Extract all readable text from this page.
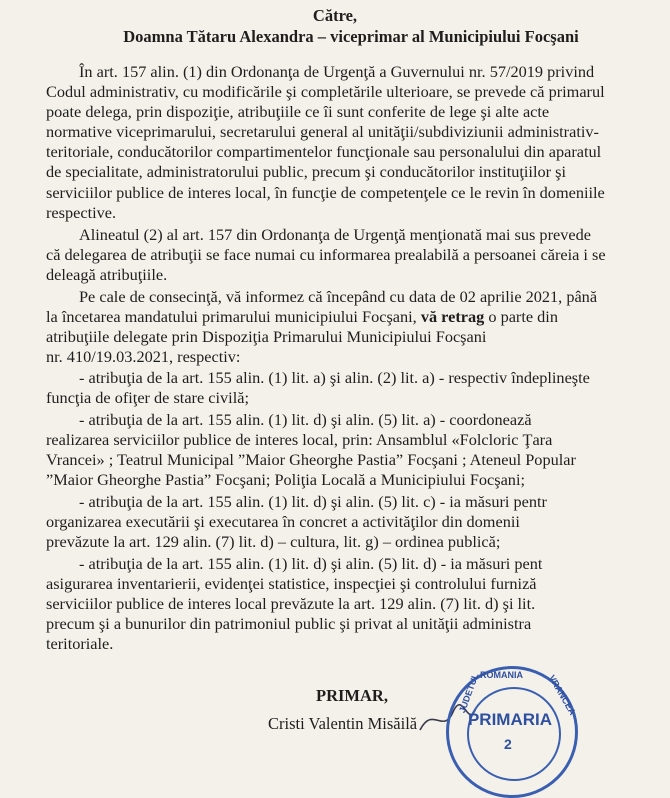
Către,
Doamna Tătaru Alexandra – viceprimar al Municipiului Focşani
În art. 157 alin. (1) din Ordonanţa de Urgenţă a Guvernului nr. 57/2019 privind
Codul administrativ, cu modificările şi completările ulterioare, se prevede că primarul
poate delega, prin dispoziţie, atribuţiile ce îi sunt conferite de lege şi alte acte
normative viceprimarului, secretarului general al unităţii/subdiviziunii administrativ-
teritoriale, conducătorilor compartimentelor funcţionale sau personalului din aparatul
de specialitate, administratorului public, precum şi conducătorilor instituţiilor şi
serviciilor publice de interes local, în funcţie de competenţele ce le revin în domeniile
respective.
Alineatul (2) al art. 157 din Ordonanţa de Urgenţă menţionată mai sus prevede
că delegarea de atribuţii se face numai cu informarea prealabilă a persoanei căreia i se
deleagă atribuţiile.
Pe cale de consecinţă, vă informez că începând cu data de 02 aprilie 2021, până
la încetarea mandatului primarului municipiului Focşani, vă retrag o parte din
atribuţiile delegate prin Dispoziţia Primarului Municipiului Focşani
nr. 410/19.03.2021, respectiv:
- atribuţia de la art. 155 alin. (1) lit. a) şi alin. (2) lit. a) - respectiv îndeplineşte
funcţia de ofiţer de stare civilă;
- atribuţia de la art. 155 alin. (1) lit. d) şi alin. (5) lit. a) - coordonează
realizarea serviciilor publice de interes local, prin: Ansamblul «Folcloric Ţara
Vrancei» ; Teatrul Municipal ”Maior Gheorghe Pastia” Focşani ; Ateneul Popular
”Maior Gheorghe Pastia” Focşani; Poliţia Locală a Municipiului Focşani;
- atribuţia de la art. 155 alin. (1) lit. d) şi alin. (5) lit. c) - ia măsuri pentr
organizarea executării şi executarea în concret a activităţilor din domenii
prevăzute la art. 129 alin. (7) lit. d) – cultura, lit. g) – ordinea publică;
- atribuţia de la art. 155 alin. (1) lit. d) şi alin. (5) lit. d) - ia măsuri pent
asigurarea inventarierii, evidenţei statistice, inspecţiei şi controlului furniză
serviciilor publice de interes local prevăzute la art. 129 alin. (7) lit. d) şi lit.
precum şi a bunurilor din patrimoniul public şi privat al unităţii administra
teritoriale.
PRIMAR,
Cristi Valentin Misăilă
ROMANIA
JUDETUL	VRANCEA
PRIMARIA
2
